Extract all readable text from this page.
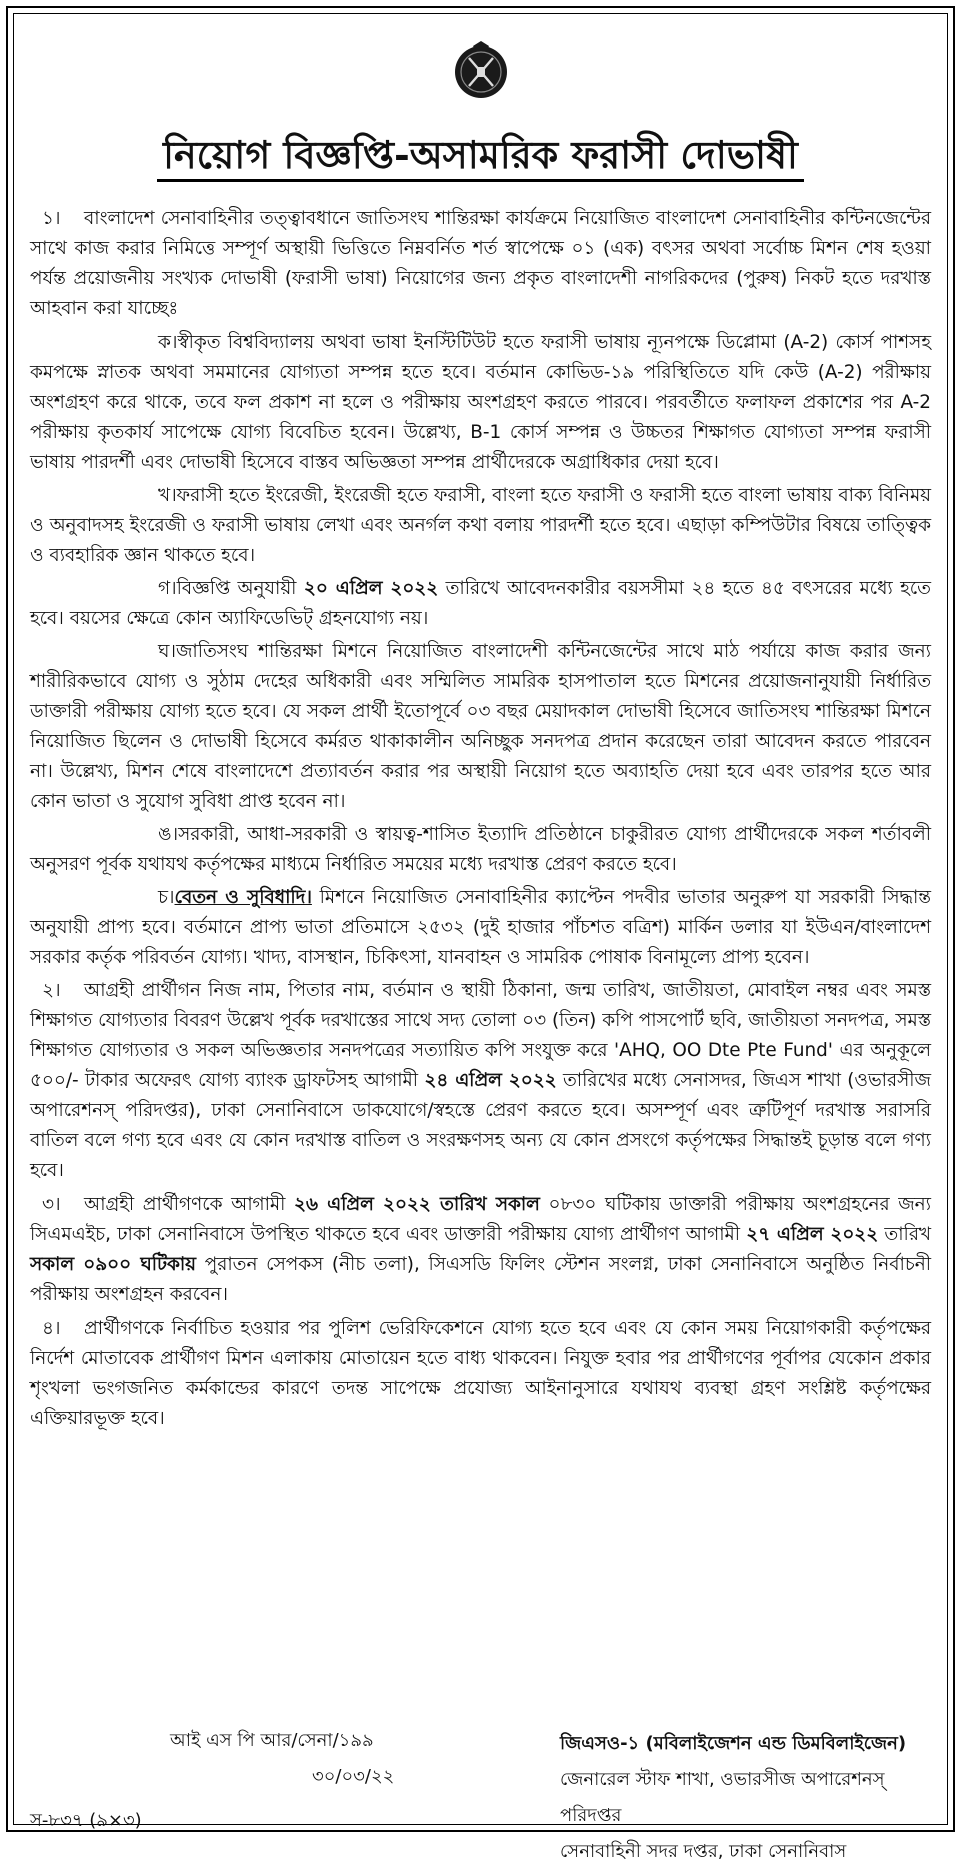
নিয়োগ বিজ্ঞপ্তি-অসামরিক ফরাসী দোভাষী

১। বাংলাদেশ সেনাবাহিনীর তত্ত্বাবধানে জাতিসংঘ শান্তিরক্ষা কার্যক্রমে নিয়োজিত বাংলাদেশ সেনাবাহিনীর কন্টিনজেন্টের সাথে কাজ করার নিমিত্তে সম্পূর্ণ অস্থায়ী ভিত্তিতে নিম্নবর্নিত শর্ত স্বাপেক্ষে ০১ (এক) বৎসর অথবা সর্বোচ্চ মিশন শেষ হওয়া পর্যন্ত প্রয়োজনীয় সংখ্যক দোভাষী (ফরাসী ভাষা) নিয়োগের জন্য প্রকৃত বাংলাদেশী নাগরিকদের (পুরুষ) নিকট হতে দরখাস্ত আহবান করা যাচ্ছেঃ

ক।স্বীকৃত বিশ্ববিদ্যালয় অথবা ভাষা ইনস্টিটিউট হতে ফরাসী ভাষায় ন্যূনপক্ষে ডিপ্লোমা (A-2) কোর্স পাশসহ কমপক্ষে স্নাতক অথবা সমমানের যোগ্যতা সম্পন্ন হতে হবে। বর্তমান কোভিড-১৯ পরিস্থিতিতে যদি কেউ (A-2) পরীক্ষায় অংশগ্রহণ করে থাকে, তবে ফল প্রকাশ না হলে ও পরীক্ষায় অংশগ্রহণ করতে পারবে। পরবর্তীতে ফলাফল প্রকাশের পর A-2 পরীক্ষায় কৃতকার্য সাপেক্ষে যোগ্য বিবেচিত হবেন। উল্লেখ্য, B-1 কোর্স সম্পন্ন ও উচ্চতর শিক্ষাগত যোগ্যতা সম্পন্ন ফরাসী ভাষায় পারদর্শী এবং দোভাষী হিসেবে বাস্তব অভিজ্ঞতা সম্পন্ন প্রার্থীদেরকে অগ্রাধিকার দেয়া হবে।

খ।ফরাসী হতে ইংরেজী, ইংরেজী হতে ফরাসী, বাংলা হতে ফরাসী ও ফরাসী হতে বাংলা ভাষায় বাক্য বিনিময় ও অনুবাদসহ ইংরেজী ও ফরাসী ভাষায় লেখা এবং অনর্গল কথা বলায় পারদর্শী হতে হবে। এছাড়া কম্পিউটার বিষয়ে তাত্ত্বিক ও ব্যবহারিক জ্ঞান থাকতে হবে।

গ।বিজ্ঞপ্তি অনুযায়ী ২০ এপ্রিল ২০২২ তারিখে আবেদনকারীর বয়সসীমা ২৪ হতে ৪৫ বৎসরের মধ্যে হতে হবে। বয়সের ক্ষেত্রে কোন অ্যাফিডেভিট্ গ্রহনযোগ্য নয়।

ঘ।জাতিসংঘ শান্তিরক্ষা মিশনে নিয়োজিত বাংলাদেশী কন্টিনজেন্টের সাথে মাঠ পর্যায়ে কাজ করার জন্য শারীরিকভাবে যোগ্য ও সুঠাম দেহের অধিকারী এবং সম্মিলিত সামরিক হাসপাতাল হতে মিশনের প্রয়োজনানুযায়ী নির্ধারিত ডাক্তারী পরীক্ষায় যোগ্য হতে হবে। যে সকল প্রার্থী ইতোপূর্বে ০৩ বছর মেয়াদকাল দোভাষী হিসেবে জাতিসংঘ শান্তিরক্ষা মিশনে নিয়োজিত ছিলেন ও দোভাষী হিসেবে কর্মরত থাকাকালীন অনিচ্ছুক সনদপত্র প্রদান করেছেন তারা আবেদন করতে পারবেন না। উল্লেখ্য, মিশন শেষে বাংলাদেশে প্রত্যাবর্তন করার পর অস্থায়ী নিয়োগ হতে অব্যাহতি দেয়া হবে এবং তারপর হতে আর কোন ভাতা ও সুযোগ সুবিধা প্রাপ্ত হবেন না।

ঙ।সরকারী, আধা-সরকারী ও স্বায়ত্ব-শাসিত ইত্যাদি প্রতিষ্ঠানে চাকুরীরত যোগ্য প্রার্থীদেরকে সকল শর্তাবলী অনুসরণ পূর্বক যথাযথ কর্তৃপক্ষের মাধ্যমে নির্ধারিত সময়ের মধ্যে দরখাস্ত প্রেরণ করতে হবে।

চ।বেতন ও সুবিধাদি। মিশনে নিয়োজিত সেনাবাহিনীর ক্যাপ্টেন পদবীর ভাতার অনুরুপ যা সরকারী সিদ্ধান্ত অনুযায়ী প্রাপ্য হবে। বর্তমানে প্রাপ্য ভাতা প্রতিমাসে ২৫৩২ (দুই হাজার পাঁচশত বত্রিশ) মার্কিন ডলার যা ইউএন/বাংলাদেশ সরকার কর্তৃক পরিবর্তন যোগ্য। খাদ্য, বাসস্থান, চিকিৎসা, যানবাহন ও সামরিক পোষাক বিনামূল্যে প্রাপ্য হবেন।

২। আগ্রহী প্রার্থীগন নিজ নাম, পিতার নাম, বর্তমান ও স্থায়ী ঠিকানা, জন্ম তারিখ, জাতীয়তা, মোবাইল নম্বর এবং সমস্ত শিক্ষাগত যোগ্যতার বিবরণ উল্লেখ পূর্বক দরখাস্তের সাথে সদ্য তোলা ০৩ (তিন) কপি পাসপোর্ট ছবি, জাতীয়তা সনদপত্র, সমস্ত শিক্ষাগত যোগ্যতার ও সকল অভিজ্ঞতার সনদপত্রের সত্যায়িত কপি সংযুক্ত করে 'AHQ, OO Dte Pte Fund' এর অনুকূলে ৫০০/- টাকার অফেরৎ যোগ্য ব্যাংক ড্রাফটসহ আগামী ২৪ এপ্রিল ২০২২ তারিখের মধ্যে সেনাসদর, জিএস শাখা (ওভারসীজ অপারেশনস্ পরিদপ্তর), ঢাকা সেনানিবাসে ডাকযোগে/স্বহস্তে প্রেরণ করতে হবে। অসম্পূর্ণ এবং ত্রুটিপূর্ণ দরখাস্ত সরাসরি বাতিল বলে গণ্য হবে এবং যে কোন দরখাস্ত বাতিল ও সংরক্ষণসহ অন্য যে কোন প্রসংগে কর্তৃপক্ষের সিদ্ধান্তই চূড়ান্ত বলে গণ্য হবে।

৩। আগ্রহী প্রার্থীগণকে আগামী ২৬ এপ্রিল ২০২২ তারিখ সকাল ০৮৩০ ঘটিকায় ডাক্তারী পরীক্ষায় অংশগ্রহনের জন্য সিএমএইচ, ঢাকা সেনানিবাসে উপস্থিত থাকতে হবে এবং ডাক্তারী পরীক্ষায় যোগ্য প্রার্থীগণ আগামী ২৭ এপ্রিল ২০২২ তারিখ সকাল ০৯০০ ঘটিকায় পুরাতন সেপকস (নীচ তলা), সিএসডি ফিলিং স্টেশন সংলগ্ন, ঢাকা সেনানিবাসে অনুষ্ঠিত নির্বাচনী পরীক্ষায় অংশগ্রহন করবেন।

৪। প্রার্থীগণকে নির্বাচিত হওয়ার পর পুলিশ ভেরিফিকেশনে যোগ্য হতে হবে এবং যে কোন সময় নিয়োগকারী কর্তৃপক্ষের নির্দেশ মোতাবেক প্রার্থীগণ মিশন এলাকায় মোতায়েন হতে বাধ্য থাকবেন। নিযুক্ত হবার পর প্রার্থীগণের পূর্বাপর যেকোন প্রকার শৃংখলা ভংগজনিত কর্মকান্ডের কারণে তদন্ত সাপেক্ষে প্রযোজ্য আইনানুসারে যথাযথ ব্যবস্থা গ্রহণ সংশ্লিষ্ট কর্তৃপক্ষের এক্তিয়ারভূক্ত হবে।

আই এস পি আর/সেনা/১৯৯
৩০/০৩/২২
স-৮৩৭ (৯×৩)
জিএসও-১ (মবিলাইজেশন এন্ড ডিমবিলাইজেন)
জেনারেল স্টাফ শাখা, ওভারসীজ অপারেশনস্ পরিদপ্তর
সেনাবাহিনী সদর দপ্তর, ঢাকা সেনানিবাস
